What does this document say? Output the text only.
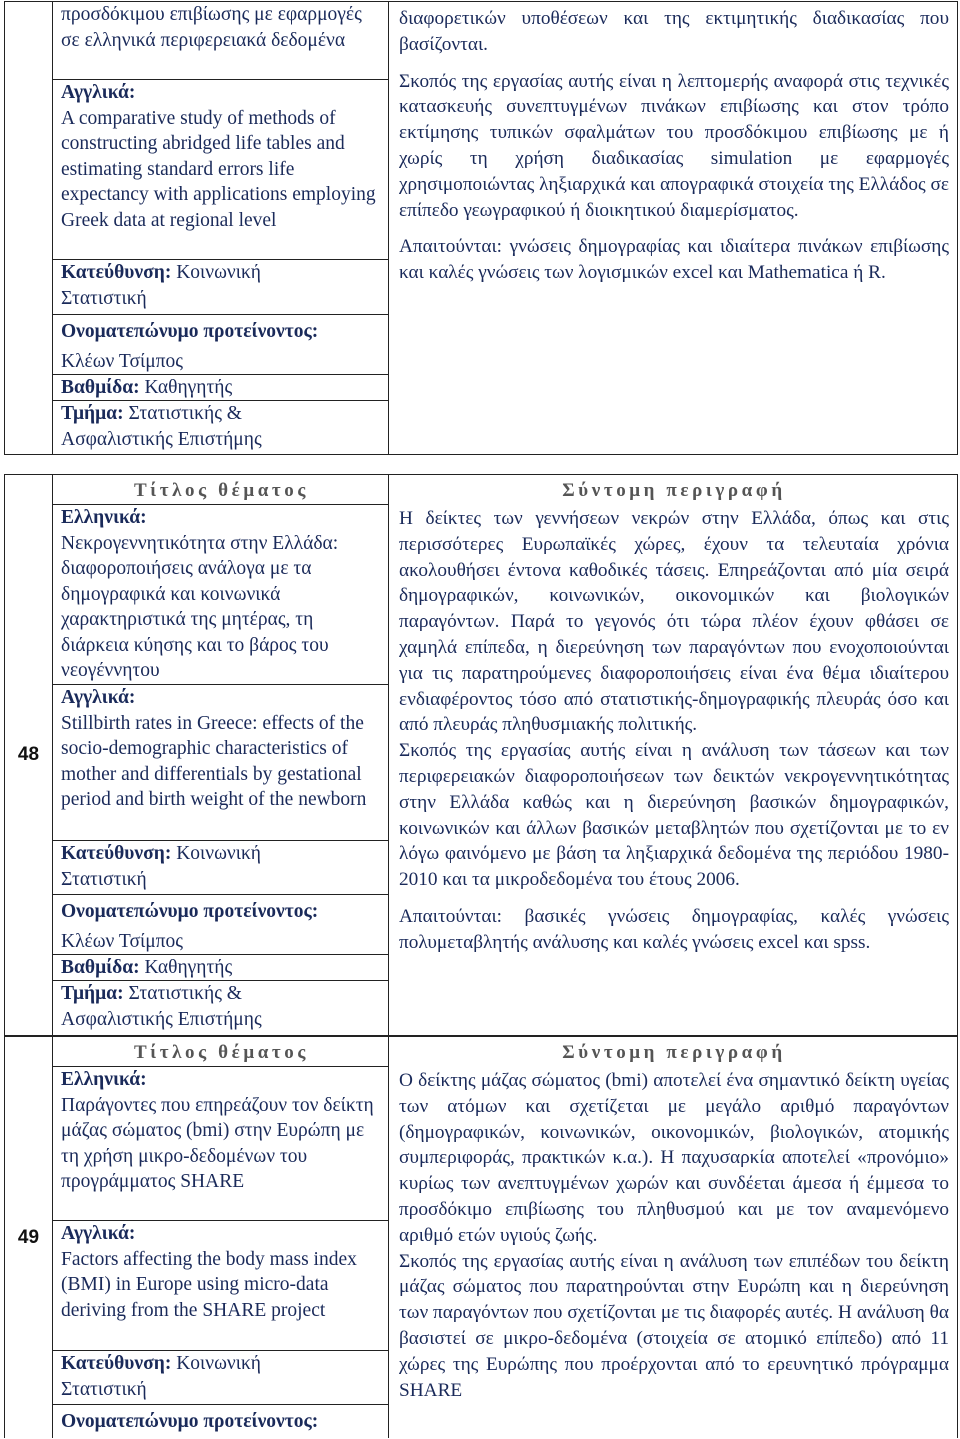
προσδόκιμου επιβίωσης με εφαρμογές σε ελληνικά περιφερειακά δεδομένα
Αγγλικά:
A comparative study of methods of constructing abridged life tables and estimating standard errors life expectancy with applications employing Greek data at regional level
Κατεύθυνση: Κοινωνική
Στατιστική
Ονοματεπώνυμο προτείνοντος:
Κλέων Τσίμπος
Βαθμίδα: Καθηγητής
Τμήμα: Στατιστικής &
Ασφαλιστικής Επιστήμης

διαφορετικών υποθέσεων και της εκτιμητικής διαδικασίας που βασίζονται.

Σκοπός της εργασίας αυτής είναι η λεπτομερής αναφορά στις τεχνικές κατασκευής συνεπτυγμένων πινάκων επιβίωσης και στον τρόπο εκτίμησης τυπικών σφαλμάτων του προσδόκιμου επιβίωσης με ή χωρίς τη χρήση διαδικασίας simulation με εφαρμογές χρησιμοποιώντας ληξιαρχικά και απογραφικά στοιχεία της Ελλάδος σε επίπεδο γεωγραφικού ή διοικητικού διαμερίσματος.

Απαιτούνται: γνώσεις δημογραφίας και ιδιαίτερα πινάκων επιβίωσης και καλές γνώσεις των λογισμικών excel και Mathematica ή R.

48
Τίτλος θέματος
Ελληνικά:
Νεκρογεννητικότητα στην Ελλάδα: διαφοροποιήσεις ανάλογα με τα δημογραφικά και κοινωνικά χαρακτηριστικά της μητέρας, τη διάρκεια κύησης και το βάρος του νεογέννητου
Αγγλικά:
Stillbirth rates in Greece: effects of the socio-demographic characteristics of mother and differentials by gestational period and birth weight of the newborn
Κατεύθυνση: Κοινωνική
Στατιστική
Ονοματεπώνυμο προτείνοντος:
Κλέων Τσίμπος
Βαθμίδα: Καθηγητής
Τμήμα: Στατιστικής &
Ασφαλιστικής Επιστήμης
Σύντομη περιγραφή

Η δείκτες των γεννήσεων νεκρών στην Ελλάδα, όπως και στις περισσότερες Ευρωπαϊκές χώρες, έχουν τα τελευταία χρόνια ακολουθήσει έντονα καθοδικές τάσεις. Επηρεάζονται από μία σειρά δημογραφικών, κοινωνικών, οικονομικών και βιολογικών παραγόντων. Παρά το γεγονός ότι τώρα πλέον έχουν φθάσει σε χαμηλά επίπεδα, η διερεύνηση των παραγόντων που ενοχοποιούνται για τις παρατηρούμενες διαφοροποιήσεις είναι ένα θέμα ιδιαίτερου ενδιαφέροντος τόσο από στατιστικής-δημογραφικής πλευράς όσο και από πλευράς πληθυσμιακής πολιτικής.

Σκοπός της εργασίας αυτής είναι η ανάλυση των τάσεων και των περιφερειακών διαφοροποιήσεων των δεικτών νεκρογεννητικότητας στην Ελλάδα καθώς και η διερεύνηση βασικών δημογραφικών, κοινωνικών και άλλων βασικών μεταβλητών που σχετίζονται με το εν λόγω φαινόμενο με βάση τα ληξιαρχικά δεδομένα της περιόδου 1980-2010 και τα μικροδεδομένα του έτους 2006.

Απαιτούνται: βασικές γνώσεις δημογραφίας, καλές γνώσεις πολυμεταβλητής ανάλυσης και καλές γνώσεις excel και spss.

49
Τίτλος θέματος
Ελληνικά:
Παράγοντες που επηρεάζουν τον δείκτη μάζας σώματος (bmi) στην Ευρώπη με τη χρήση μικρο-δεδομένων του προγράμματος SHARE
Αγγλικά:
Factors affecting the body mass index (BMI) in Europe using micro-data deriving from the SHARE project
Κατεύθυνση: Κοινωνική
Στατιστική
Ονοματεπώνυμο προτείνοντος:
Σύντομη περιγραφή

Ο δείκτης μάζας σώματος (bmi) αποτελεί ένα σημαντικό δείκτη υγείας των ατόμων και σχετίζεται με μεγάλο αριθμό παραγόντων (δημογραφικών, κοινωνικών, οικονομικών, βιολογικών, ατομικής συμπεριφοράς, πρακτικών κ.α.). Η παχυσαρκία αποτελεί «προνόμιο» κυρίως των ανεπτυγμένων χωρών και συνδέεται άμεσα ή έμμεσα το προσδόκιμο επιβίωσης του πληθυσμού και με τον αναμενόμενο αριθμό ετών υγιούς ζωής.

Σκοπός της εργασίας αυτής είναι η ανάλυση των επιπέδων του δείκτη μάζας σώματος που παρατηρούνται στην Ευρώπη και η διερεύνηση των παραγόντων που σχετίζονται με τις διαφορές αυτές. Η ανάλυση θα βασιστεί σε μικρο-δεδομένα (στοιχεία σε ατομικό επίπεδο) από 11 χώρες της Ευρώπης που προέρχονται από το ερευνητικό πρόγραμμα SHARE
